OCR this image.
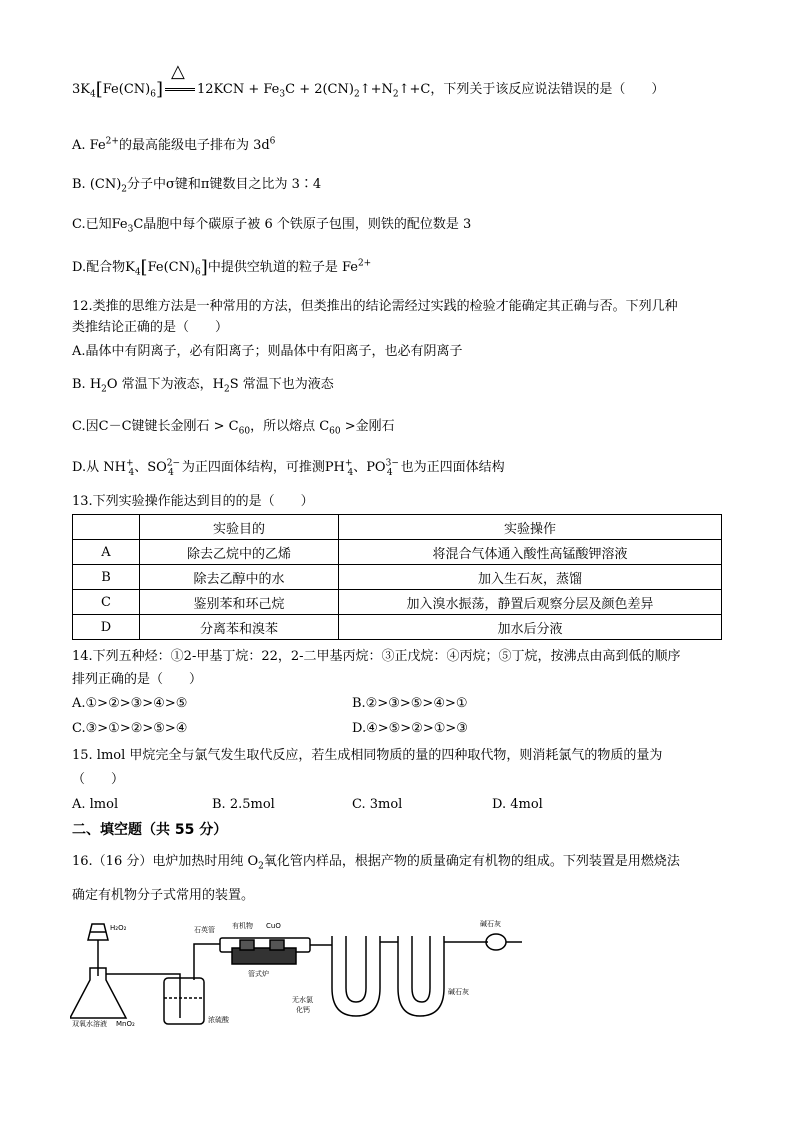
$3K_4[Fe(CN)_6]$
△
$12KCN + Fe_3C$ + $2(CN)_2↑+N_2↑+C$，下列关于该反应说法错误的是（　　）
A. $Fe^{2+}$的最高能级电子排布为 $3d^6$
B. $(CN)_2$分子中σ键和π键数目之比为 3∶4
C.已知$Fe_3C$晶胞中每个碳原子被 6 个铁原子包围，则铁的配位数是 3
D.配合物$K_4[Fe(CN)_6]$中提供空轨道的粒子是 $Fe^{2+}$
12.类推的思维方法是一种常用的方法，但类推出的结论需经过实践的检验才能确定其正确与否。下列几种
类推结论正确的是（　　）
A.晶体中有阴离子，必有阳离子；则晶体中有阳离子，也必有阴离子
B. $H_2O$ 常温下为液态，$H_2S$ 常温下也为液态
C.因C－C键键长金刚石 > $C_{60}$，所以熔点 $C_{60}$ >金刚石
D.从 $NH^+_4$、$SO^{2-}_4$ 为正四面体结构，可推测$PH^+_4$、$PO^{3-}_4$ 也为正四面体结构
13.下列实验操作能达到目的的是（　　）
	实验目的	实验操作
A	除去乙烷中的乙烯	将混合气体通入酸性高锰酸钾溶液
B	除去乙醇中的水	加入生石灰，蒸馏
C	鉴别苯和环己烷	加入溴水振荡，静置后观察分层及颜色差异
D	分离苯和溴苯	加水后分液
14.下列五种烃：①2-甲基丁烷：22，2-二甲基丙烷：③正戊烷：④丙烷；⑤丁烷，按沸点由高到低的顺序
排列正确的是（　　）
A.①>②>③>④>⑤	B.②>③>⑤>④>①
C.③>①>②>⑤>④	D.④>⑤>②>①>③
15. lmol 甲烷完全与氯气发生取代反应，若生成相同物质的量的四种取代物，则消耗氯气的物质的量为
（　　）
A. lmol	B. 2.5mol	C. 3mol	D. 4mol
二、填空题（共 55 分）
16.（16 分）电炉加热时用纯 $O_2$氧化管内样品，根据产物的质量确定有机物的组成。下列装置是用燃烧法
确定有机物分子式常用的装置。
H₂O₂
双氧水溶液 MnO₂	浓硫酸
石英管 有机物 CuO
管式炉
无水氯
化钙
碱石灰
碱石灰
